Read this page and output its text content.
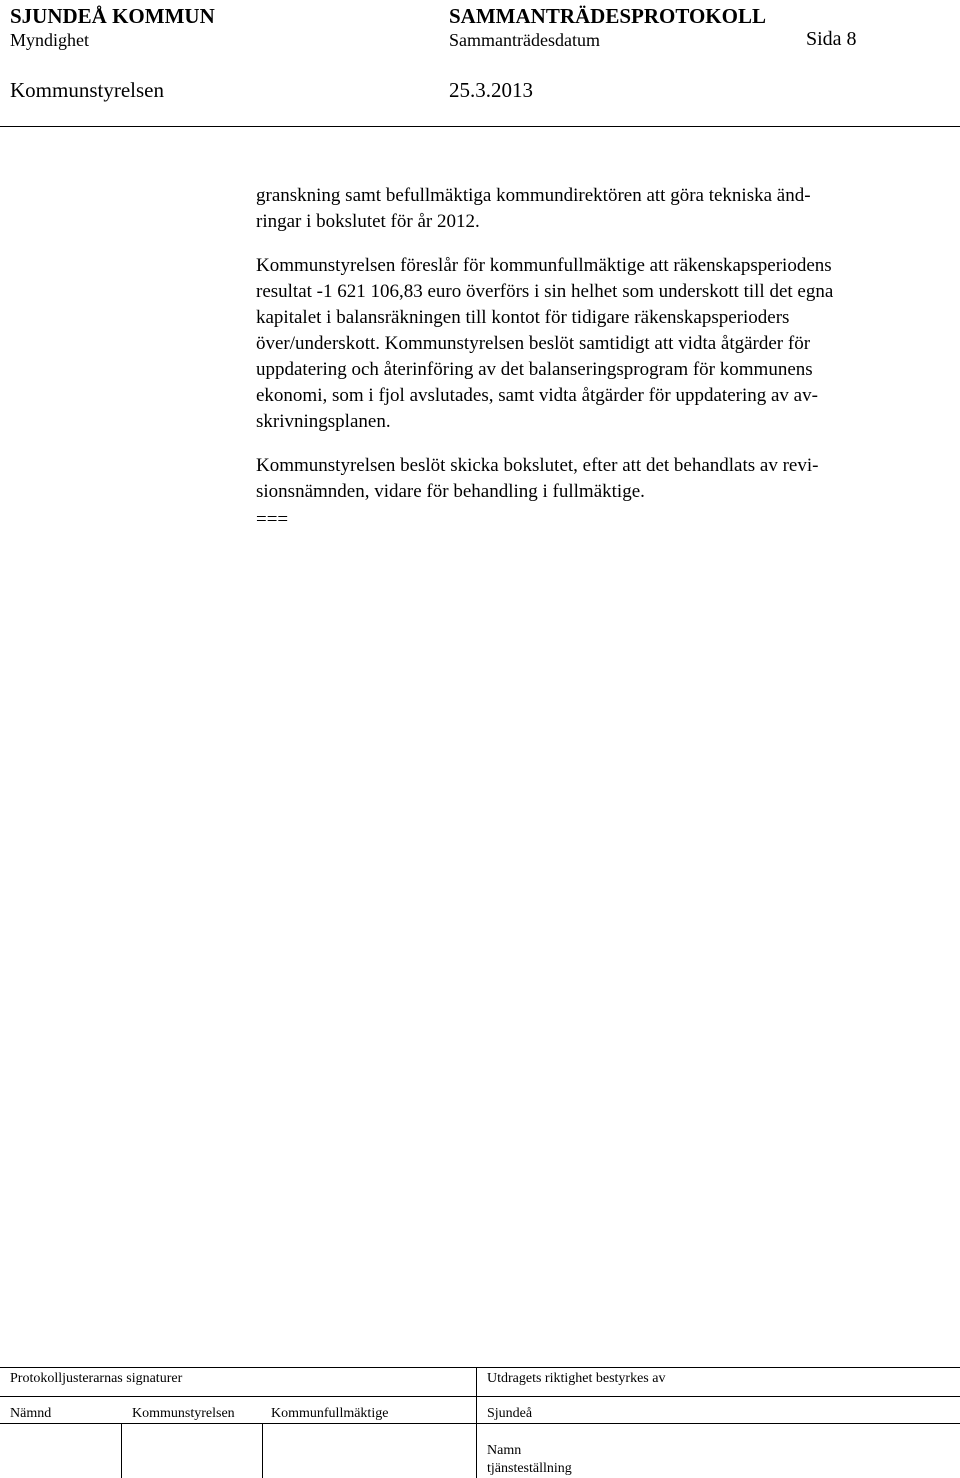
SJUNDEÅ KOMMUN	SAMMANTRÄDESPROTOKOLL
Myndighet	Sammanträdesdatum	Sida 8
Kommunstyrelsen	25.3.2013
granskning samt befullmäktiga kommundirektören att göra tekniska änd-
ringar i bokslutet för år 2012.
Kommunstyrelsen föreslår för kommunfullmäktige att räkenskapsperiodens
resultat -1 621 106,83 euro överförs i sin helhet som underskott till det egna
kapitalet i balansräkningen till kontot för tidigare räkenskapsperioders
över/underskott. Kommunstyrelsen beslöt samtidigt att vidta åtgärder för
uppdatering och återinföring av det balanseringsprogram för kommunens
ekonomi, som i fjol avslutades, samt vidta åtgärder för uppdatering av av-
skrivningsplanen.
Kommunstyrelsen beslöt skicka bokslutet, efter att det behandlats av revi-
sionsnämnden, vidare för behandling i fullmäktige.
===
Protokolljusterarnas signaturer	Utdragets riktighet bestyrkes av
Nämnd	Kommunstyrelsen	Kommunfullmäktige	Sjundeå
Namn
tjänsteställning
